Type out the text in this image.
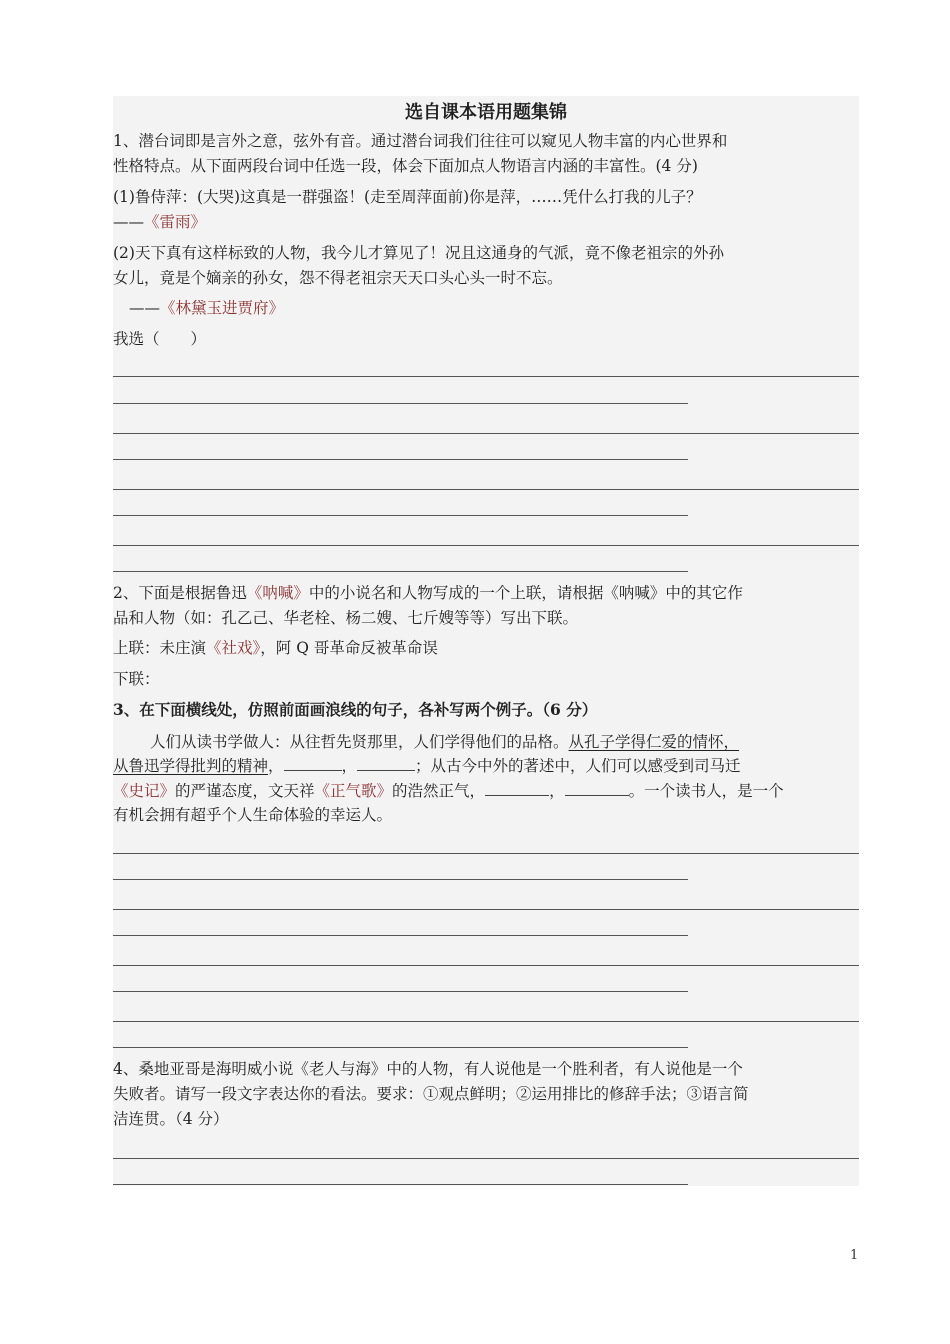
选自课本语用题集锦
1、潜台词即是言外之意，弦外有音。通过潜台词我们往往可以窥见人物丰富的内心世界和
性格特点。从下面两段台词中任选一段，体会下面加点人物语言内涵的丰富性。(4 分)
(1)鲁侍萍：(大哭)这真是一群强盗！(走至周萍面前)你是萍，……凭什么打我的儿子？
——《雷雨》
(2)天下真有这样标致的人物，我今儿才算见了！况且这通身的气派，竟不像老祖宗的外孙
女儿，竟是个嫡亲的孙女，怨不得老祖宗天天口头心头一时不忘。
——《林黛玉进贾府》
我选（　　）
2、下面是根据鲁迅《呐喊》中的小说名和人物写成的一个上联，请根据《呐喊》中的其它作
品和人物（如：孔乙己、华老栓、杨二嫂、七斤嫂等等）写出下联。
上联：未庄演《社戏》，阿 Q 哥革命反被革命误
下联：
3、在下面横线处，仿照前面画浪线的句子，各补写两个例子。（6 分）
人们从读书学做人：从往哲先贤那里，人们学得他们的品格。从孔子学得仁爱的情怀，
从鲁迅学得批判的精神，	，	；从古今中外的著述中，人们可以感受到司马迁
《史记》的严谨态度，文天祥《正气歌》的浩然正气，	，	。一个读书人，是一个
有机会拥有超乎个人生命体验的幸运人。
4、桑地亚哥是海明威小说《老人与海》中的人物，有人说他是一个胜利者，有人说他是一个
失败者。请写一段文字表达你的看法。要求：①观点鲜明；②运用排比的修辞手法；③语言简
洁连贯。（4 分）
1
